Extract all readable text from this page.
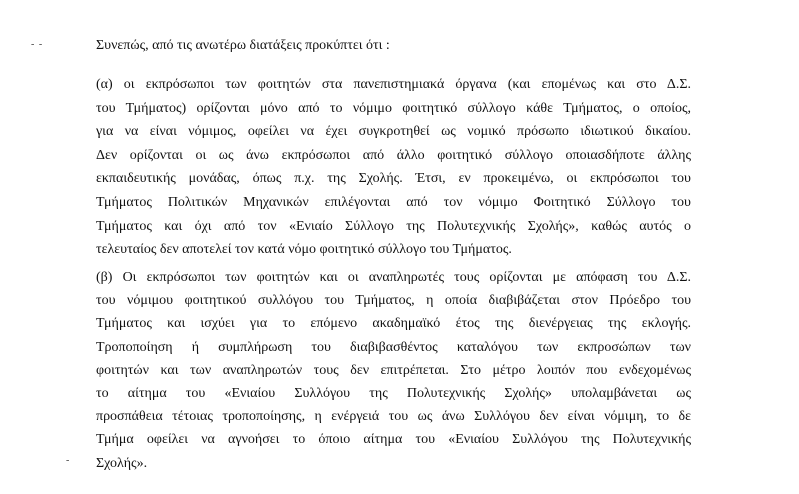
- -
-
Συνεπώς, από τις ανωτέρω διατάξεις προκύπτει ότι :
(α) οι εκπρόσωποι των φοιτητών στα πανεπιστημιακά όργανα (και επομένως και στο Δ.Σ.
του Τμήματος) ορίζονται μόνο από το νόμιμο φοιτητικό σύλλογο κάθε Τμήματος, ο οποίος,
για να είναι νόμιμος, οφείλει να έχει συγκροτηθεί ως νομικό πρόσωπο ιδιωτικού δικαίου.
Δεν ορίζονται οι ως άνω εκπρόσωποι από άλλο φοιτητικό σύλλογο οποιασδήποτε άλλης
εκπαιδευτικής μονάδας, όπως π.χ. της Σχολής. Έτσι, εν προκειμένω, οι εκπρόσωποι του
Τμήματος Πολιτικών Μηχανικών επιλέγονται από τον νόμιμο Φοιτητικό Σύλλογο του
Τμήματος και όχι από τον «Ενιαίο Σύλλογο της Πολυτεχνικής Σχολής», καθώς αυτός ο
τελευταίος δεν αποτελεί τον κατά νόμο φοιτητικό σύλλογο του Τμήματος.
(β) Οι εκπρόσωποι των φοιτητών και οι αναπληρωτές τους ορίζονται με απόφαση του Δ.Σ.
του νόμιμου φοιτητικού συλλόγου του Τμήματος, η οποία διαβιβάζεται στον Πρόεδρο του
Τμήματος και ισχύει για το επόμενο ακαδημαϊκό έτος της διενέργειας της εκλογής.
Τροποποίηση ή συμπλήρωση του διαβιβασθέντος καταλόγου των εκπροσώπων των
φοιτητών και των αναπληρωτών τους δεν επιτρέπεται. Στο μέτρο λοιπόν που ενδεχομένως
το αίτημα του «Ενιαίου Συλλόγου της Πολυτεχνικής Σχολής» υπολαμβάνεται ως
προσπάθεια τέτοιας τροποποίησης, η ενέργειά του ως άνω Συλλόγου δεν είναι νόμιμη, το δε
Τμήμα οφείλει να αγνοήσει το όποιο αίτημα του «Ενιαίου Συλλόγου της Πολυτεχνικής
Σχολής».
